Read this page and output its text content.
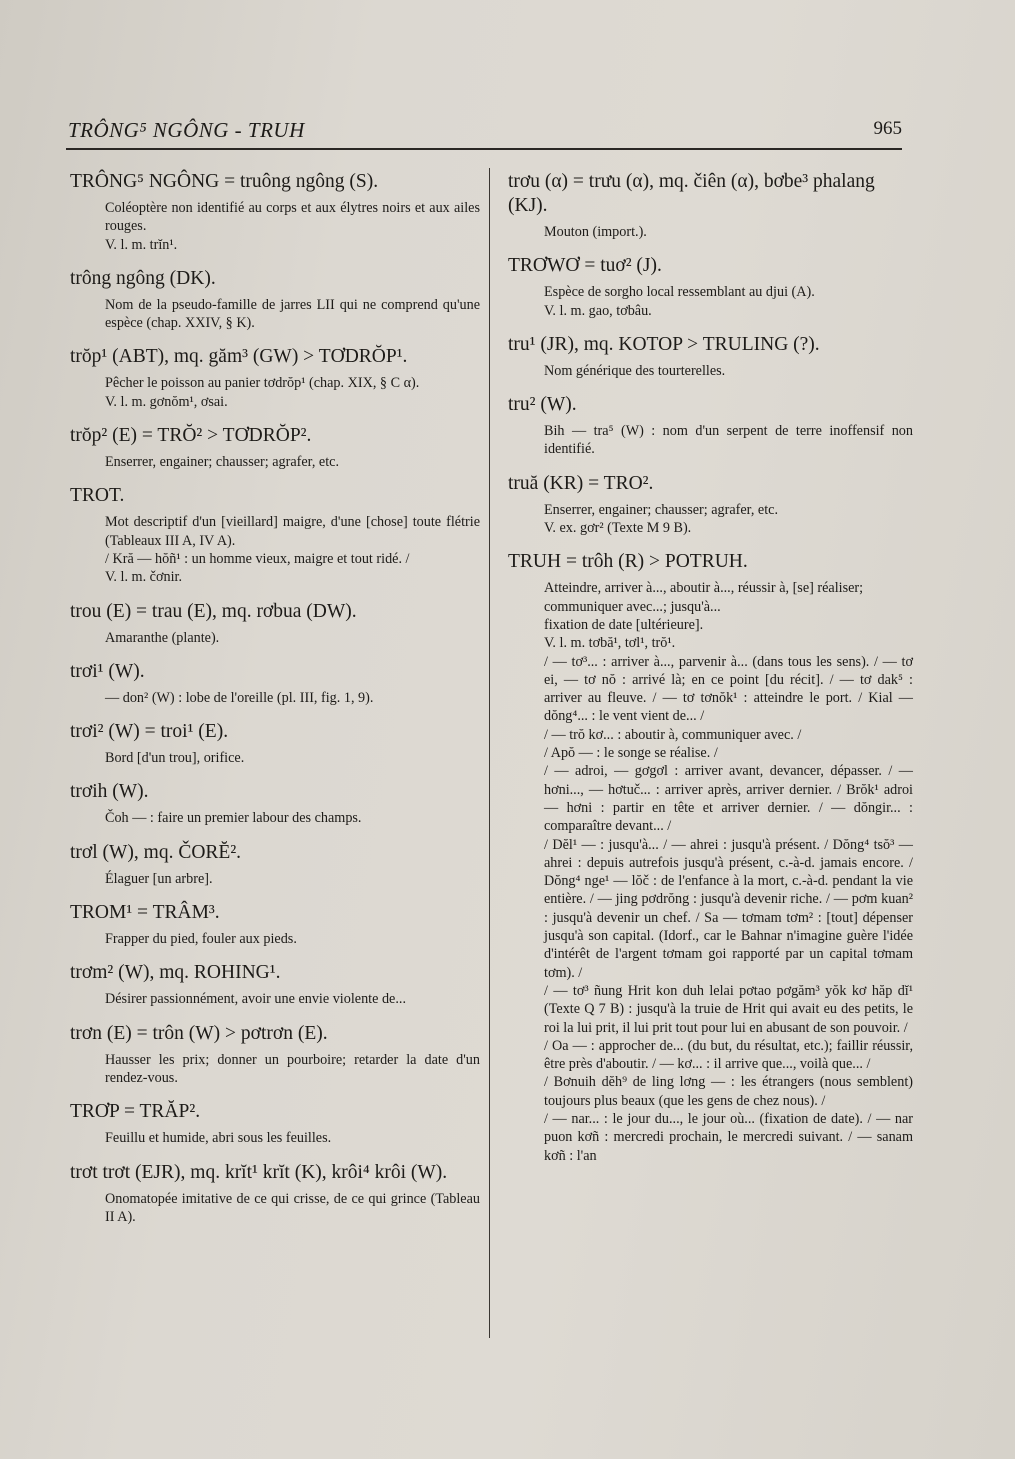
TRÔNG⁵ NGÔNG - TRUH	965
TRÔNG⁵ NGÔNG = truông ngông (S).

Coléoptère non identifié au corps et aux élytres noirs et aux ailes rouges.

V. l. m. trĭn¹.

trông ngông (DK).

Nom de la pseudo-famille de jarres LII qui ne comprend qu'une espèce (chap. XXIV, § K).

trŏp¹ (ABT), mq. găm³ (GW) > TƠDRŎP¹.

Pêcher le poisson au panier tơdrŏp¹ (chap. XIX, § C α).

V. l. m. gơnŏm¹, ơsai.

trŏp² (E) = TRŎ² > TƠDRŎP².

Enserrer, engainer; chausser; agrafer, etc.

TROT.

Mot descriptif d'un [vieillard] maigre, d'une [chose] toute flétrie (Tableaux III A, IV A).

/ Kră — hŏñ¹ : un homme vieux, maigre et tout ridé. /

V. l. m. čơnir.

trou (E) = trau (E), mq. rơbua (DW).

Amaranthe (plante).

trơi¹ (W).

— don² (W) : lobe de l'oreille (pl. III, fig. 1, 9).

trơi² (W) = troi¹ (E).

Bord [d'un trou], orifice.

trơih (W).

Čoh — : faire un premier labour des champs.

trơl (W), mq. ČORĔ².

Élaguer [un arbre].

TROM¹ = TRÂM³.

Frapper du pied, fouler aux pieds.

trơm² (W), mq. ROHING¹.

Désirer passionnément, avoir une envie violente de...

trơn (E) = trôn (W) > pơtrơn (E).

Hausser les prix; donner un pourboire; retarder la date d'un rendez-vous.

TRƠP = TRĂP².

Feuillu et humide, abri sous les feuilles.

trơt trơt (EJR), mq. krĭt¹ krĭt (K), krôi⁴ krôi (W).

Onomatopée imitative de ce qui crisse, de ce qui grince (Tableau II A).

trơu (α) = trưu (α), mq. čiên (α), bơbe³ phalang (KJ).

Mouton (import.).

TRƠWƠ = tuơ² (J).

Espèce de sorgho local ressemblant au djui (A).

V. l. m. gao, tơbâu.

tru¹ (JR), mq. KOTOP > TRULING (?).

Nom générique des tourterelles.

tru² (W).

Bih — tra⁵ (W) : nom d'un serpent de terre inoffensif non identifié.

truă (KR) = TRO².

Enserrer, engainer; chausser; agrafer, etc.

V. ex. gơr² (Texte M 9 B).

TRUH = trôh (R) > POTRUH.

Atteindre, arriver à..., aboutir à..., réussir à, [se] réaliser;

communiquer avec...; jusqu'à...

fixation de date [ultérieure].

V. l. m. tơbă¹, tơl¹, trŏ¹.

/ — tơ³... : arriver à..., parvenir à... (dans tous les sens). / — tơ ei, — tơ nŏ : arrivé là; en ce point [du récit]. / — tơ dak⁵ : arriver au fleuve. / — tơ tơnŏk¹ : atteindre le port. / Kial — dŏng⁴... : le vent vient de... /

/ — trŏ kơ... : aboutir à, communiquer avec. /

/ Apŏ — : le songe se réalise. /

/ — adroi, — gơgơl : arriver avant, devancer, dépasser. / — hơni..., — hơtuč... : arriver après, arriver dernier. / Brŏk¹ adroi — hơni : partir en tête et arriver dernier. / — dŏngir... : comparaître devant... /

/ Dĕl¹ — : jusqu'à... / — ahrei : jusqu'à présent. / Dŏng⁴ tsŏ³ — ahrei : depuis autrefois jusqu'à présent, c.-à-d. jamais encore. / Dŏng⁴ nge¹ — lŏč : de l'enfance à la mort, c.-à-d. pendant la vie entière. / — jing pơdrŏng : jusqu'à devenir riche. / — pơm kuan² : jusqu'à devenir un chef. / Sa — tơmam tơm² : [tout] dépenser jusqu'à son capital. (Idorf., car le Bahnar n'imagine guère l'idée d'intérêt de l'argent tơmam goi rapporté par un capital tơmam tơm). /

/ — tơ³ ñung Hrit kon duh lelai pơtao pơgăm³ yŏk kơ hăp dĭ¹ (Texte Q 7 B) : jusqu'à la truie de Hrit qui avait eu des petits, le roi la lui prit, il lui prit tout pour lui en abusant de son pouvoir. /

/ Oa — : approcher de... (du but, du résultat, etc.); faillir réussir, être près d'aboutir. / — kơ... : il arrive que..., voilà que... /

/ Bơnuih dĕh⁹ de ling lơng — : les étrangers (nous semblent) toujours plus beaux (que les gens de chez nous). /

/ — nar... : le jour du..., le jour où... (fixation de date). / — nar puon kơñ : mercredi prochain, le mercredi suivant. / — sanam kơñ : l'an
